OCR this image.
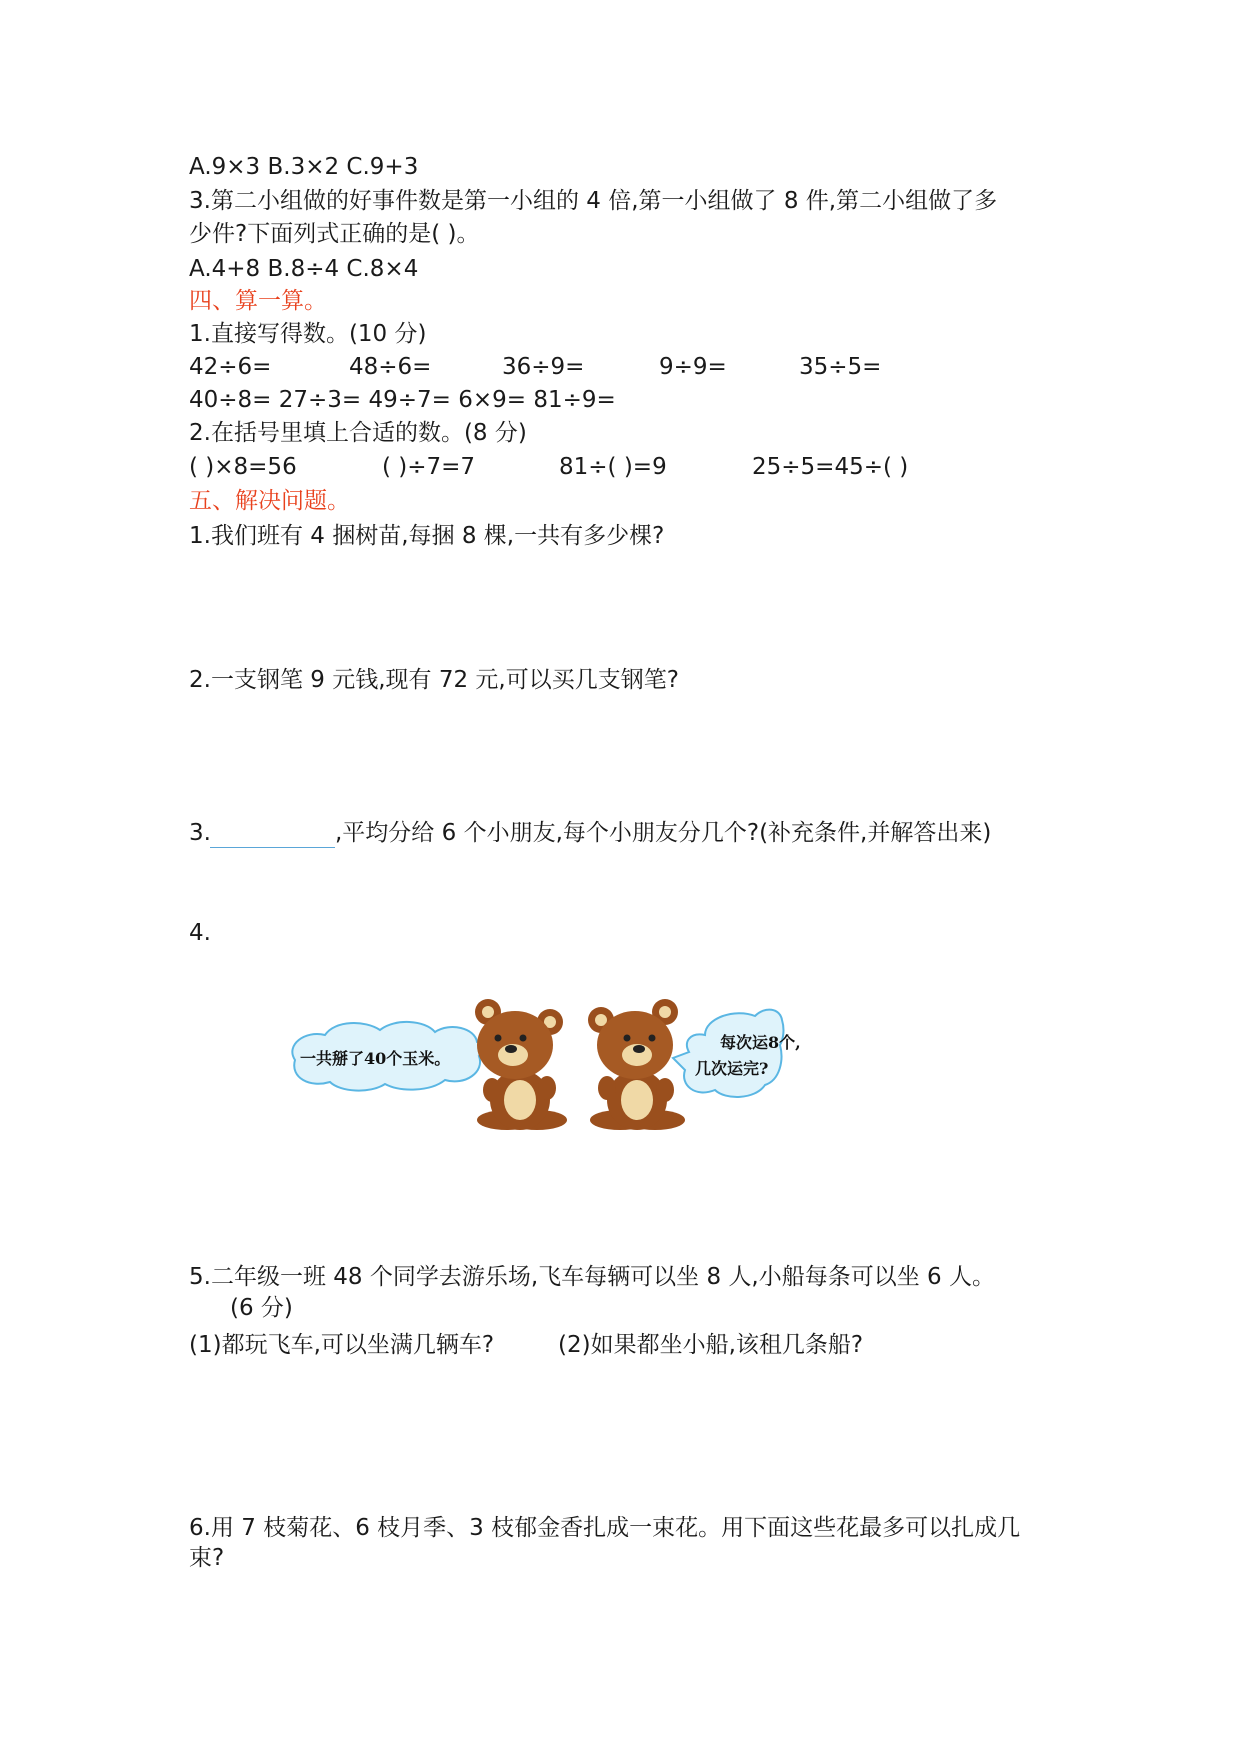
A.9×3 B.3×2 C.9+3
3.第二小组做的好事件数是第一小组的 4 倍,第一小组做了 8 件,第二小组做了多
少件?下面列式正确的是( )。
A.4+8 B.8÷4 C.8×4
四、算一算。
1.直接写得数。(10 分)
42÷6=	48÷6=	36÷9=	9÷9=	35÷5=
40÷8= 27÷3= 49÷7= 6×9= 81÷9=
2.在括号里填上合适的数。(8 分)
( )×8=56	( )÷7=7	81÷( )=9	25÷5=45÷( )
五、解决问题。
1.我们班有 4 捆树苗,每捆 8 棵,一共有多少棵?
2.一支钢笔 9 元钱,现有 72 元,可以买几支钢笔?
3.	,平均分给 6 个小朋友,每个小朋友分几个?(补充条件,并解答出来)
4.
一共掰了40个玉米。
每次运8个,
几次运完?
5.二年级一班 48 个同学去游乐场,飞车每辆可以坐 8 人,小船每条可以坐 6 人。
(6 分)
(1)都玩飞车,可以坐满几辆车?	(2)如果都坐小船,该租几条船?
6.用 7 枝菊花、6 枝月季、3 枝郁金香扎成一束花。用下面这些花最多可以扎成几
束?
